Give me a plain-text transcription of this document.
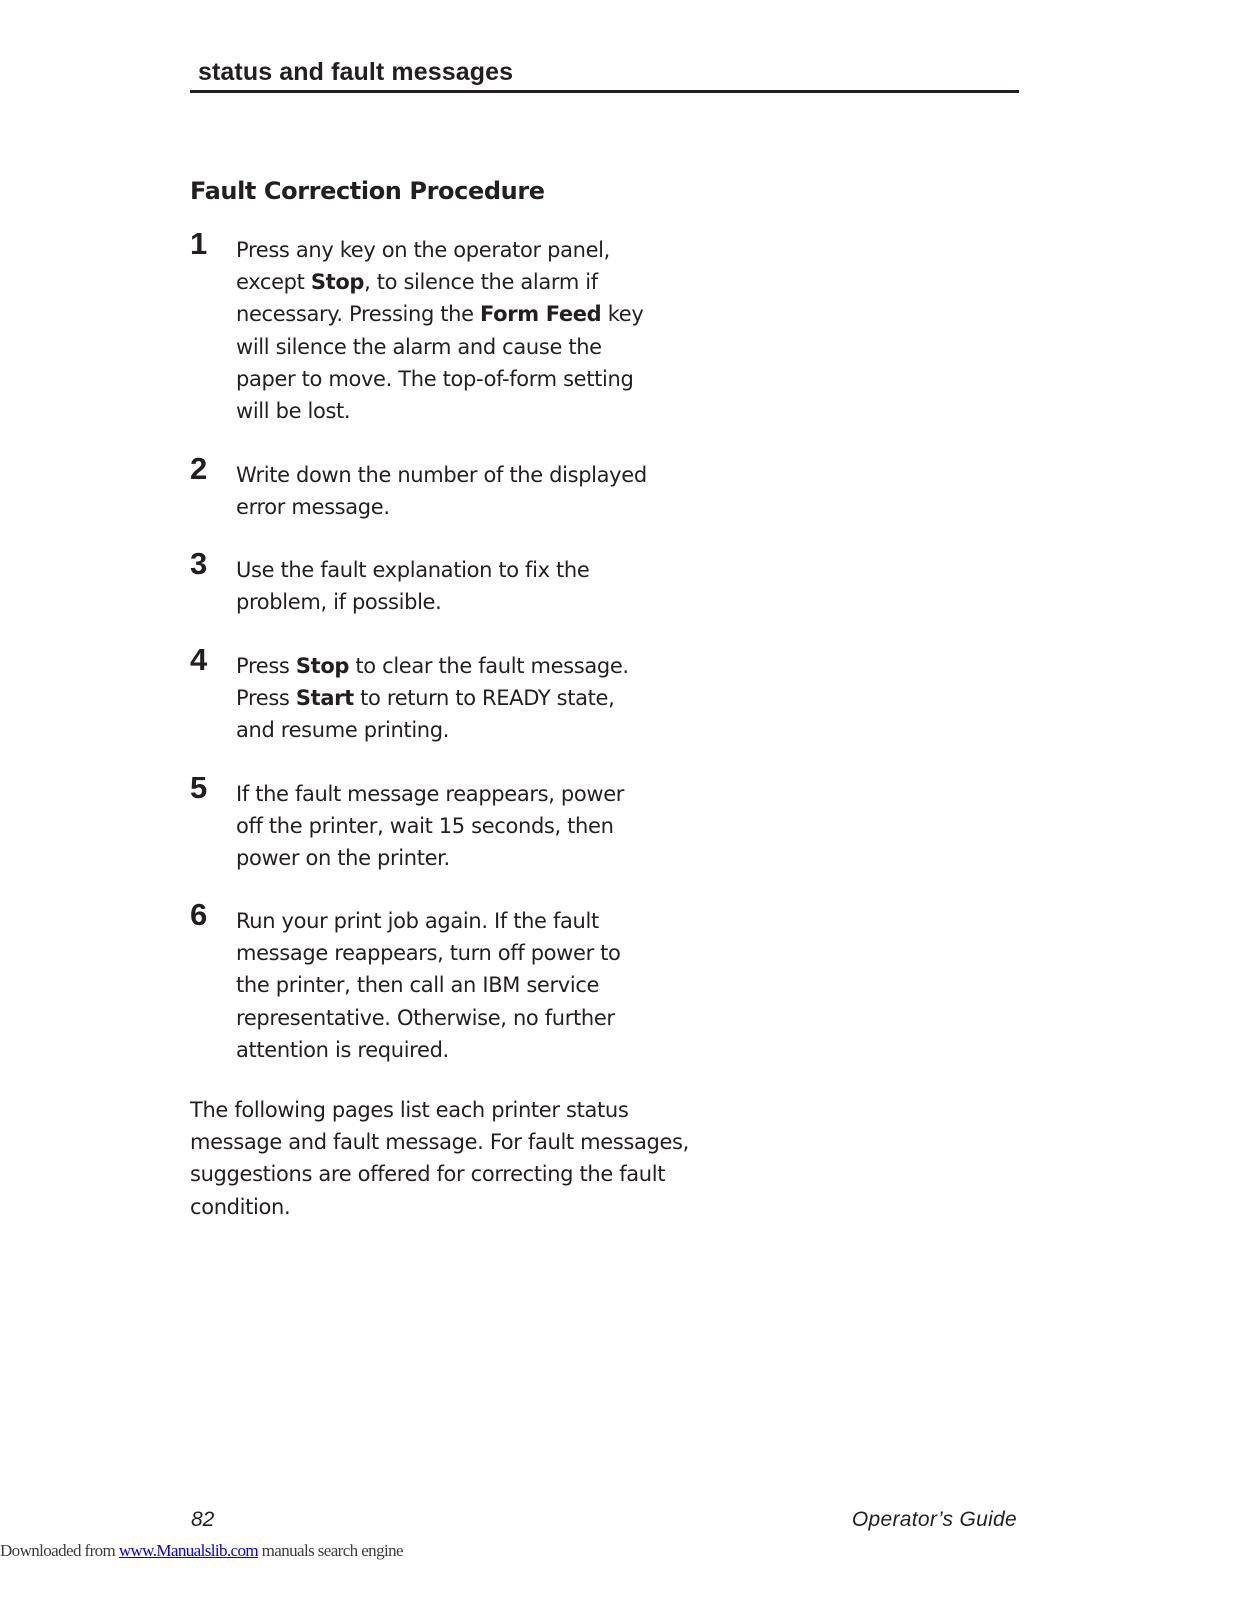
status and fault messages
Fault Correction Procedure
1 Press any key on the operator panel,
except Stop, to silence the alarm if
necessary. Pressing the Form Feed key
will silence the alarm and cause the
paper to move. The top-of-form setting
will be lost.
2 Write down the number of the displayed
error message.
3 Use the fault explanation to fix the
problem, if possible.
4 Press Stop to clear the fault message.
Press Start to return to READY state,
and resume printing.
5 If the fault message reappears, power
off the printer, wait 15 seconds, then
power on the printer.
6 Run your print job again. If the fault
message reappears, turn off power to
the printer, then call an IBM service
representative. Otherwise, no further
attention is required.
The following pages list each printer status
message and fault message. For fault messages,
suggestions are offered for correcting the fault
condition.
82	Operator’s Guide
Downloaded from www.Manualslib.com manuals search engine
